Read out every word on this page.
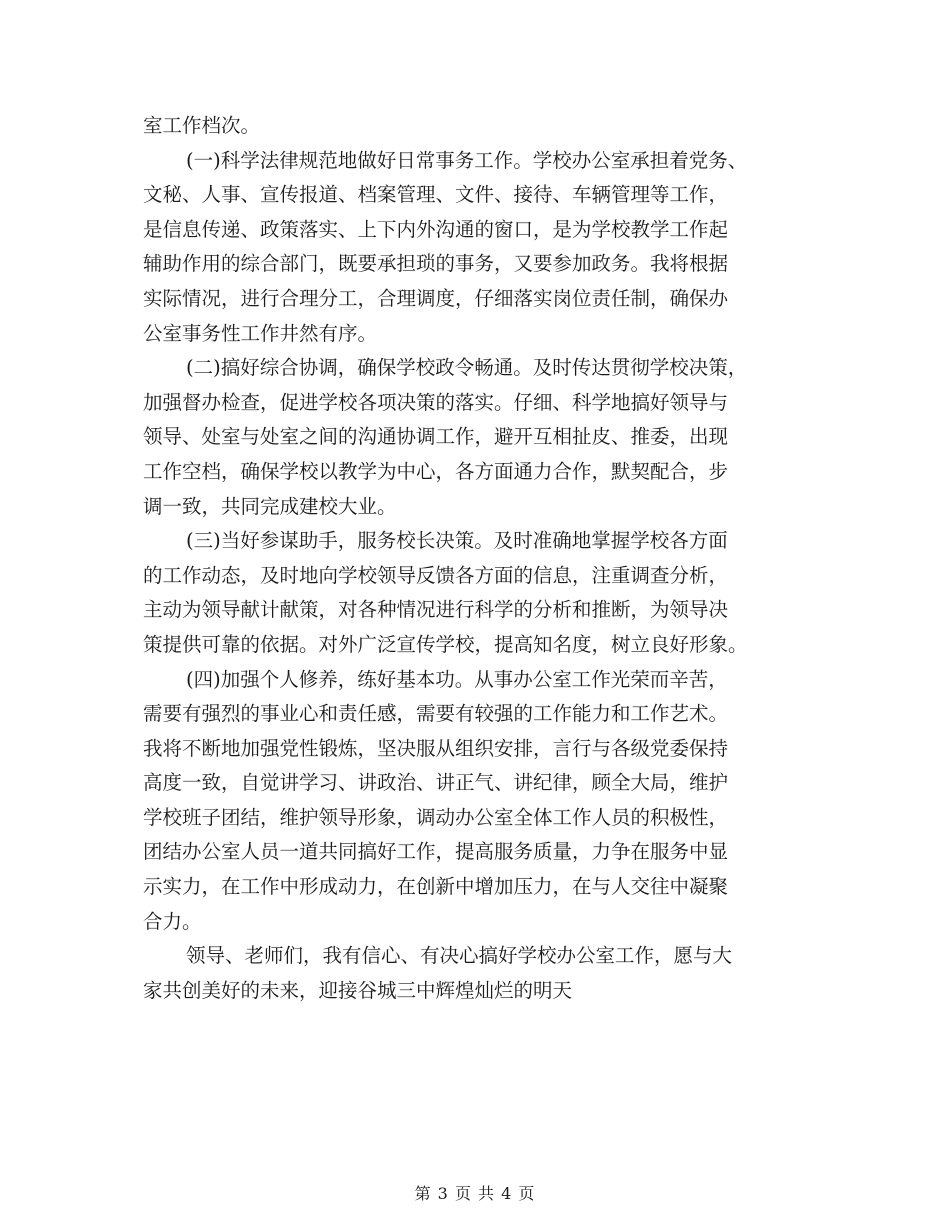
室工作档次。
(一)科学法律规范地做好日常事务工作。学校办公室承担着党务、
文秘、人事、宣传报道、档案管理、文件、接待、车辆管理等工作，
是信息传递、政策落实、上下内外沟通的窗口，是为学校教学工作起
辅助作用的综合部门，既要承担琐的事务，又要参加政务。我将根据
实际情况，进行合理分工，合理调度，仔细落实岗位责任制，确保办
公室事务性工作井然有序。
(二)搞好综合协调，确保学校政令畅通。及时传达贯彻学校决策，
加强督办检查，促进学校各项决策的落实。仔细、科学地搞好领导与
领导、处室与处室之间的沟通协调工作，避开互相扯皮、推委，出现
工作空档，确保学校以教学为中心，各方面通力合作，默契配合，步
调一致，共同完成建校大业。
(三)当好参谋助手，服务校长决策。及时准确地掌握学校各方面
的工作动态，及时地向学校领导反馈各方面的信息，注重调查分析，
主动为领导献计献策，对各种情况进行科学的分析和推断，为领导决
策提供可靠的依据。对外广泛宣传学校，提高知名度，树立良好形象。
(四)加强个人修养，练好基本功。从事办公室工作光荣而辛苦，
需要有强烈的事业心和责任感，需要有较强的工作能力和工作艺术。
我将不断地加强党性锻炼，坚决服从组织安排，言行与各级党委保持
高度一致，自觉讲学习、讲政治、讲正气、讲纪律，顾全大局，维护
学校班子团结，维护领导形象，调动办公室全体工作人员的积极性，
团结办公室人员一道共同搞好工作，提高服务质量，力争在服务中显
示实力，在工作中形成动力，在创新中增加压力，在与人交往中凝聚
合力。
领导、老师们，我有信心、有决心搞好学校办公室工作，愿与大
家共创美好的未来，迎接谷城三中辉煌灿烂的明天
第 3 页 共 4 页
